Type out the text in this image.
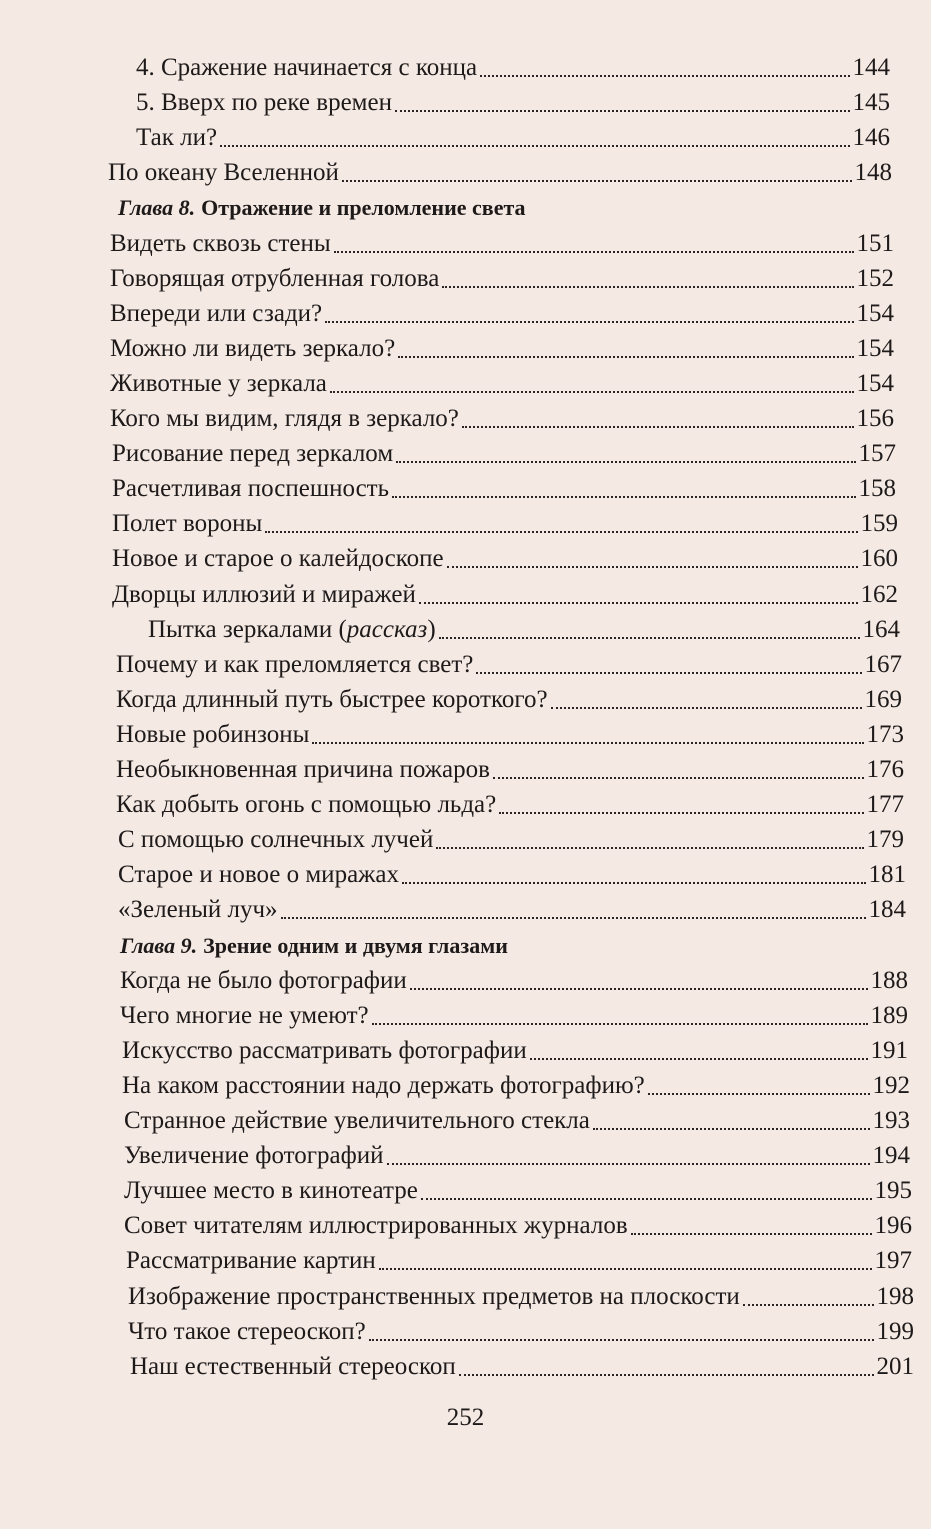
4. Сражение начинается с конца	144
5. Вверх по реке времен	145
Так ли?	146
По океану Вселенной	148
Глава 8. Отражение и преломление света
Видеть сквозь стены	151
Говорящая отрубленная голова	152
Впереди или сзади?	154
Можно ли видеть зеркало?	154
Животные у зеркала	154
Кого мы видим, глядя в зеркало?	156
Рисование перед зеркалом	157
Расчетливая поспешность	158
Полет вороны	159
Новое и старое о калейдоскопе	160
Дворцы иллюзий и миражей	162
Пытка зеркалами (рассказ)	164
Почему и как преломляется свет?	167
Когда длинный путь быстрее короткого?	169
Новые робинзоны	173
Необыкновенная причина пожаров	176
Как добыть огонь с помощью льда?	177
С помощью солнечных лучей	179
Старое и новое о миражах	181
«Зеленый луч»	184
Глава 9. Зрение одним и двумя глазами
Когда не было фотографии	188
Чего многие не умеют?	189
Искусство рассматривать фотографии	191
На каком расстоянии надо держать фотографию?	192
Странное действие увеличительного стекла	193
Увеличение фотографий	194
Лучшее место в кинотеатре	195
Совет читателям иллюстрированных журналов	196
Рассматривание картин	197
Изображение пространственных предметов на плоскости	198
Что такое стереоскоп?	199
Наш естественный стереоскоп	201
252
